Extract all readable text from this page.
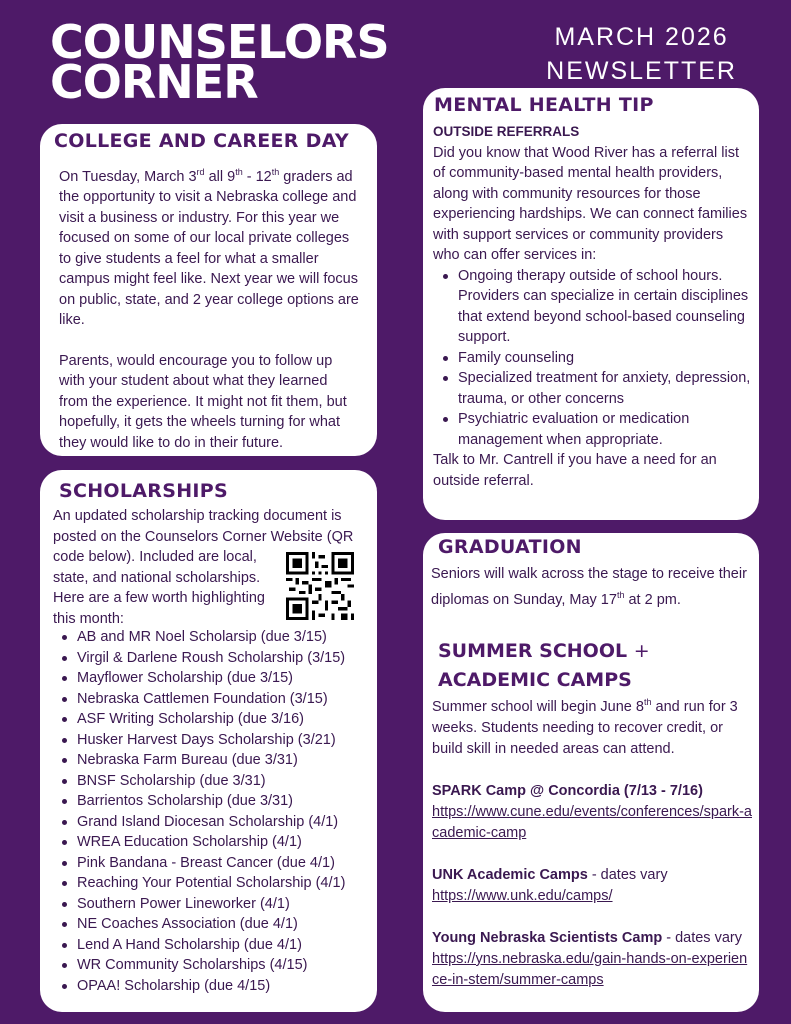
COUNSELORS
CORNER
MARCH 2026
NEWSLETTER
COLLEGE AND CAREER DAY

On Tuesday, March 3rd all 9th - 12th graders ad the opportunity to visit a Nebraska college and visit a business or industry. For this year we focused on some of our local private colleges to give students a feel for what a smaller campus might feel like. Next year we will focus on public, state, and 2 year college options are like.

Parents, would encourage you to follow up with your student about what they learned from the experience. It might not fit them, but hopefully, it gets the wheels turning for what they would like to do in their future.

SCHOLARSHIPS
An updated scholarship tracking document is posted on the Counselors Corner Website (QR
code below). Included are local,
state, and national scholarships.
Here are a few worth highlighting
this month:
AB and MR Noel Scholarsip (due 3/15)
Virgil & Darlene Roush Scholarship (3/15)
Mayflower Scholarship (due 3/15)
Nebraska Cattlemen Foundation (3/15)
ASF Writing Scholarship (due 3/16)
Husker Harvest Days Scholarship (3/21)
Nebraska Farm Bureau (due 3/31)
BNSF Scholarship (due 3/31)
Barrientos Scholarship (due 3/31)
Grand Island Diocesan Scholarship (4/1)
WREA Education Scholarship (4/1)
Pink Bandana - Breast Cancer (due 4/1)
Reaching Your Potential Scholarship (4/1)
Southern Power Lineworker (4/1)
NE Coaches Association (due 4/1)
Lend A Hand Scholarship (due 4/1)
WR Community Scholarships (4/15)
OPAA! Scholarship (due 4/15)
MENTAL HEALTH TIP
OUTSIDE REFERRALS

Did you know that Wood River has a referral list of community-based mental health providers, along with community resources for those experiencing hardships. We can connect families with support services or community providers who can offer services in:

Ongoing therapy outside of school hours. Providers can specialize in certain disciplines that extend beyond school-based counseling support.
Family counseling
Specialized treatment for anxiety, depression, trauma, or other concerns
Psychiatric evaluation or medication management when appropriate.

Talk to Mr. Cantrell if you have a need for an outside referral.

GRADUATION

Seniors will walk across the stage to receive their diplomas on Sunday, May 17th at 2 pm.

SUMMER SCHOOL +
ACADEMIC CAMPS

Summer school will begin June 8th and run for 3 weeks. Students needing to recover credit, or build skill in needed areas can attend.

SPARK Camp @ Concordia (7/13 - 7/16)
https://www.cune.edu/events/conferences/spark-academic-camp
UNK Academic Camps - dates vary
https://www.unk.edu/camps/
Young Nebraska Scientists Camp - dates vary
https://yns.nebraska.edu/gain-hands-on-experience-in-stem/summer-camps
